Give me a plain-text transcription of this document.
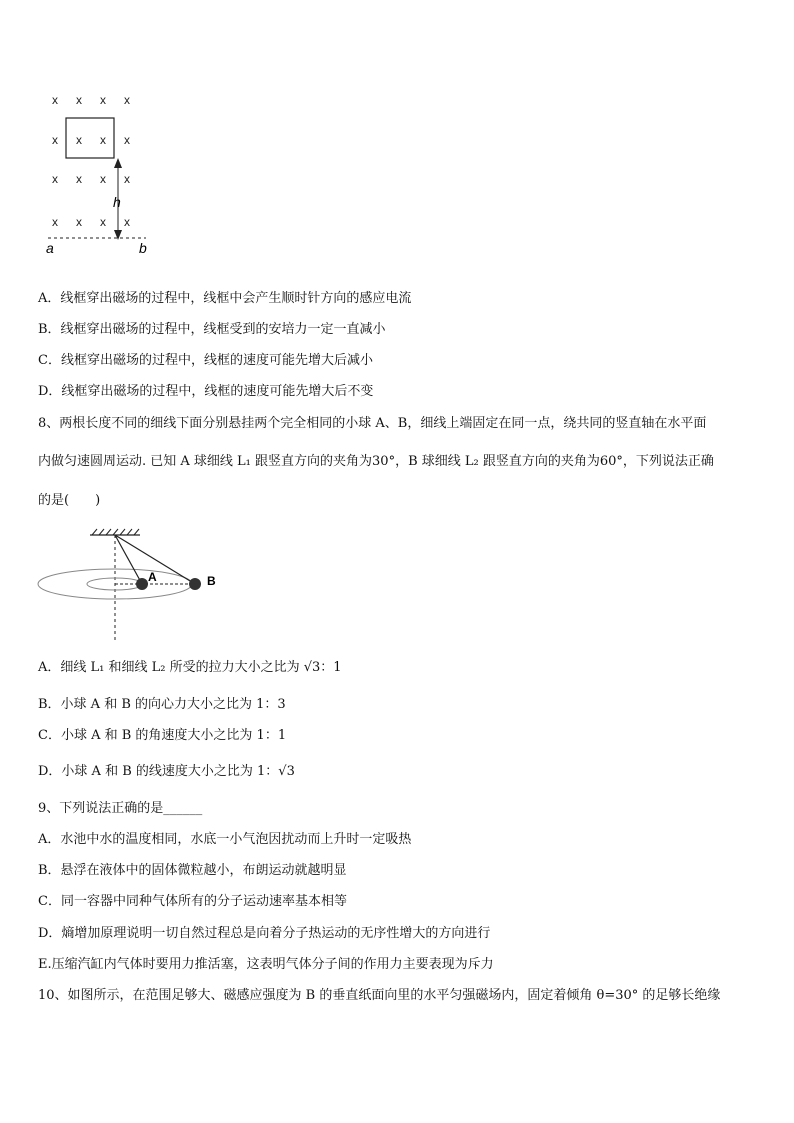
x x x x
x x x x
x x x x
x x x x
h
a	b
A．线框穿出磁场的过程中，线框中会产生顺时针方向的感应电流
B．线框穿出磁场的过程中，线框受到的安培力一定一直减小
C．线框穿出磁场的过程中，线框的速度可能先增大后减小
D．线框穿出磁场的过程中，线框的速度可能先增大后不变
8、两根长度不同的细线下面分别悬挂两个完全相同的小球 A、B，细线上端固定在同一点，绕共同的竖直轴在水平面
内做匀速圆周运动. 已知 A 球细线 L₁ 跟竖直方向的夹角为30°，B 球细线 L₂ 跟竖直方向的夹角为60°，下列说法正确
的是(　　)
A	B
A．细线 L₁ 和细线 L₂ 所受的拉力大小之比为 √3：1
B．小球 A 和 B 的向心力大小之比为 1：3
C．小球 A 和 B 的角速度大小之比为 1：1
D．小球 A 和 B 的线速度大小之比为 1：√3
9、下列说法正确的是______
A．水池中水的温度相同，水底一小气泡因扰动而上升时一定吸热
B．悬浮在液体中的固体微粒越小，布朗运动就越明显
C．同一容器中同种气体所有的分子运动速率基本相等
D．熵增加原理说明一切自然过程总是向着分子热运动的无序性增大的方向进行
E.压缩汽缸内气体时要用力推活塞，这表明气体分子间的作用力主要表现为斥力
10、如图所示，在范围足够大、磁感应强度为 B 的垂直纸面向里的水平匀强磁场内，固定着倾角 θ=30° 的足够长绝缘
